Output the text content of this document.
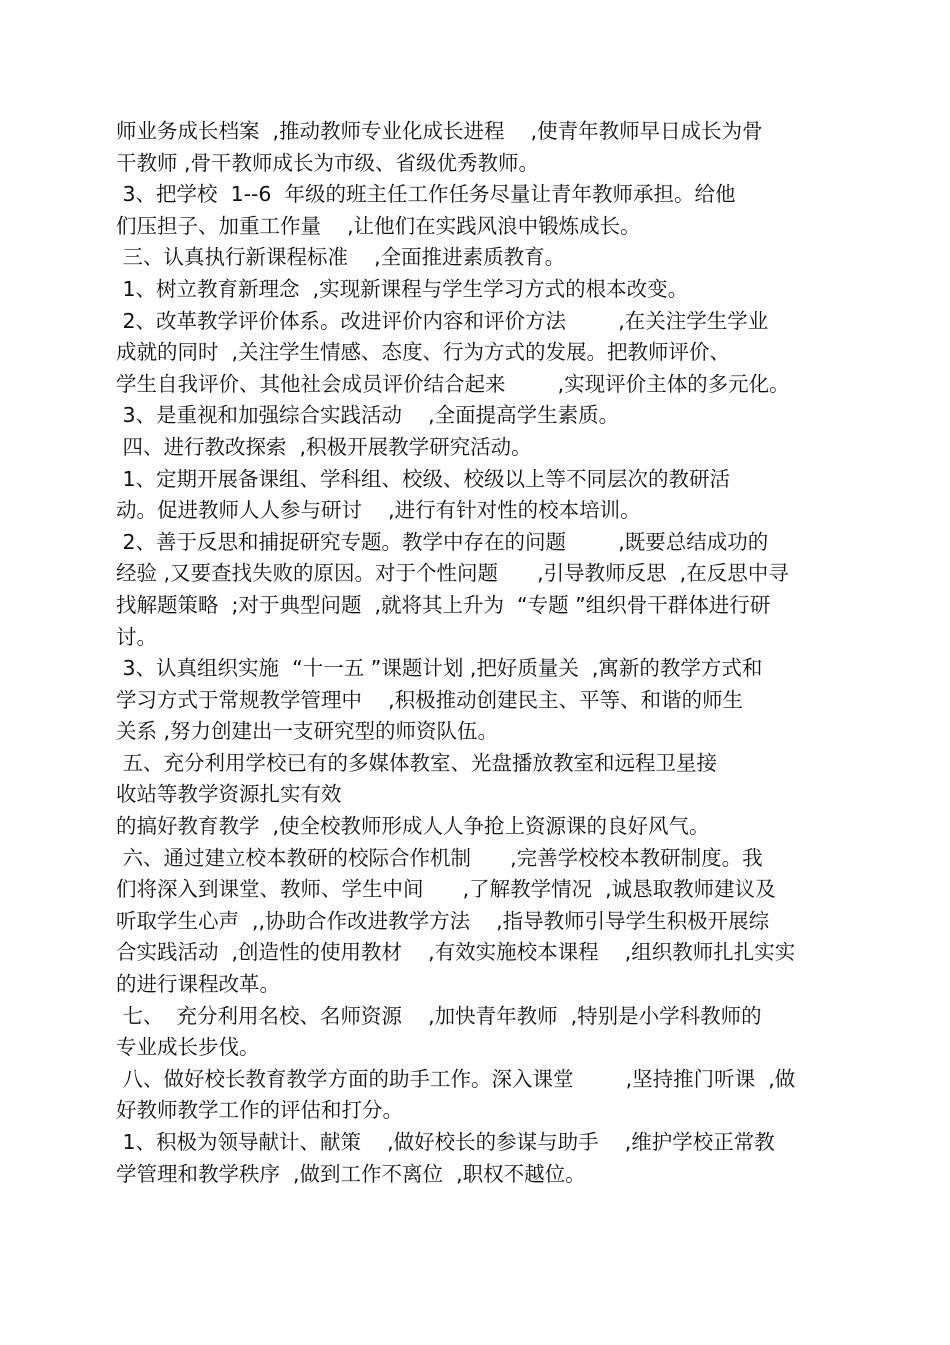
师业务成长档案  ,推动教师专业化成长进程    ,使青年教师早日成长为骨
干教师 ,骨干教师成长为市级、省级优秀教师。
3、把学校  1--6  年级的班主任工作任务尽量让青年教师承担。给他
们压担子、加重工作量    ,让他们在实践风浪中锻炼成长。
三、认真执行新课程标准    ,全面推进素质教育。
1、树立教育新理念  ,实现新课程与学生学习方式的根本改变。
2、改革教学评价体系。改进评价内容和评价方法        ,在关注学生学业
成就的同时  ,关注学生情感、态度、行为方式的发展。把教师评价、
学生自我评价、其他社会成员评价结合起来        ,实现评价主体的多元化。
3、是重视和加强综合实践活动    ,全面提高学生素质。
四、进行教改探索  ,积极开展教学研究活动。
1、定期开展备课组、学科组、校级、校级以上等不同层次的教研活
动。促进教师人人参与研讨    ,进行有针对性的校本培训。
2、善于反思和捕捉研究专题。教学中存在的问题        ,既要总结成功的
经验 ,又要查找失败的原因。对于个性问题      ,引导教师反思  ,在反思中寻
找解题策略  ;对于典型问题  ,就将其上升为  “专题 ”组织骨干群体进行研
讨。
3、认真组织实施  “十一五 ”课题计划 ,把好质量关  ,寓新的教学方式和
学习方式于常规教学管理中    ,积极推动创建民主、平等、和谐的师生
关系 ,努力创建出一支研究型的师资队伍。
五、充分利用学校已有的多媒体教室、光盘播放教室和远程卫星接
收站等教学资源扎实有效
的搞好教育教学  ,使全校教师形成人人争抢上资源课的良好风气。
六、通过建立校本教研的校际合作机制      ,完善学校校本教研制度。我
们将深入到课堂、教师、学生中间      ,了解教学情况  ,诚恳取教师建议及
听取学生心声  ,,协助合作改进教学方法    ,指导教师引导学生积极开展综
合实践活动  ,创造性的使用教材    ,有效实施校本课程    ,组织教师扎扎实实
的进行课程改革。
七、  充分利用名校、名师资源    ,加快青年教师  ,特别是小学科教师的
专业成长步伐。
八、做好校长教育教学方面的助手工作。深入课堂        ,坚持推门听课  ,做
好教师教学工作的评估和打分。
1、积极为领导献计、献策    ,做好校长的参谋与助手    ,维护学校正常教
学管理和教学秩序  ,做到工作不离位  ,职权不越位。
